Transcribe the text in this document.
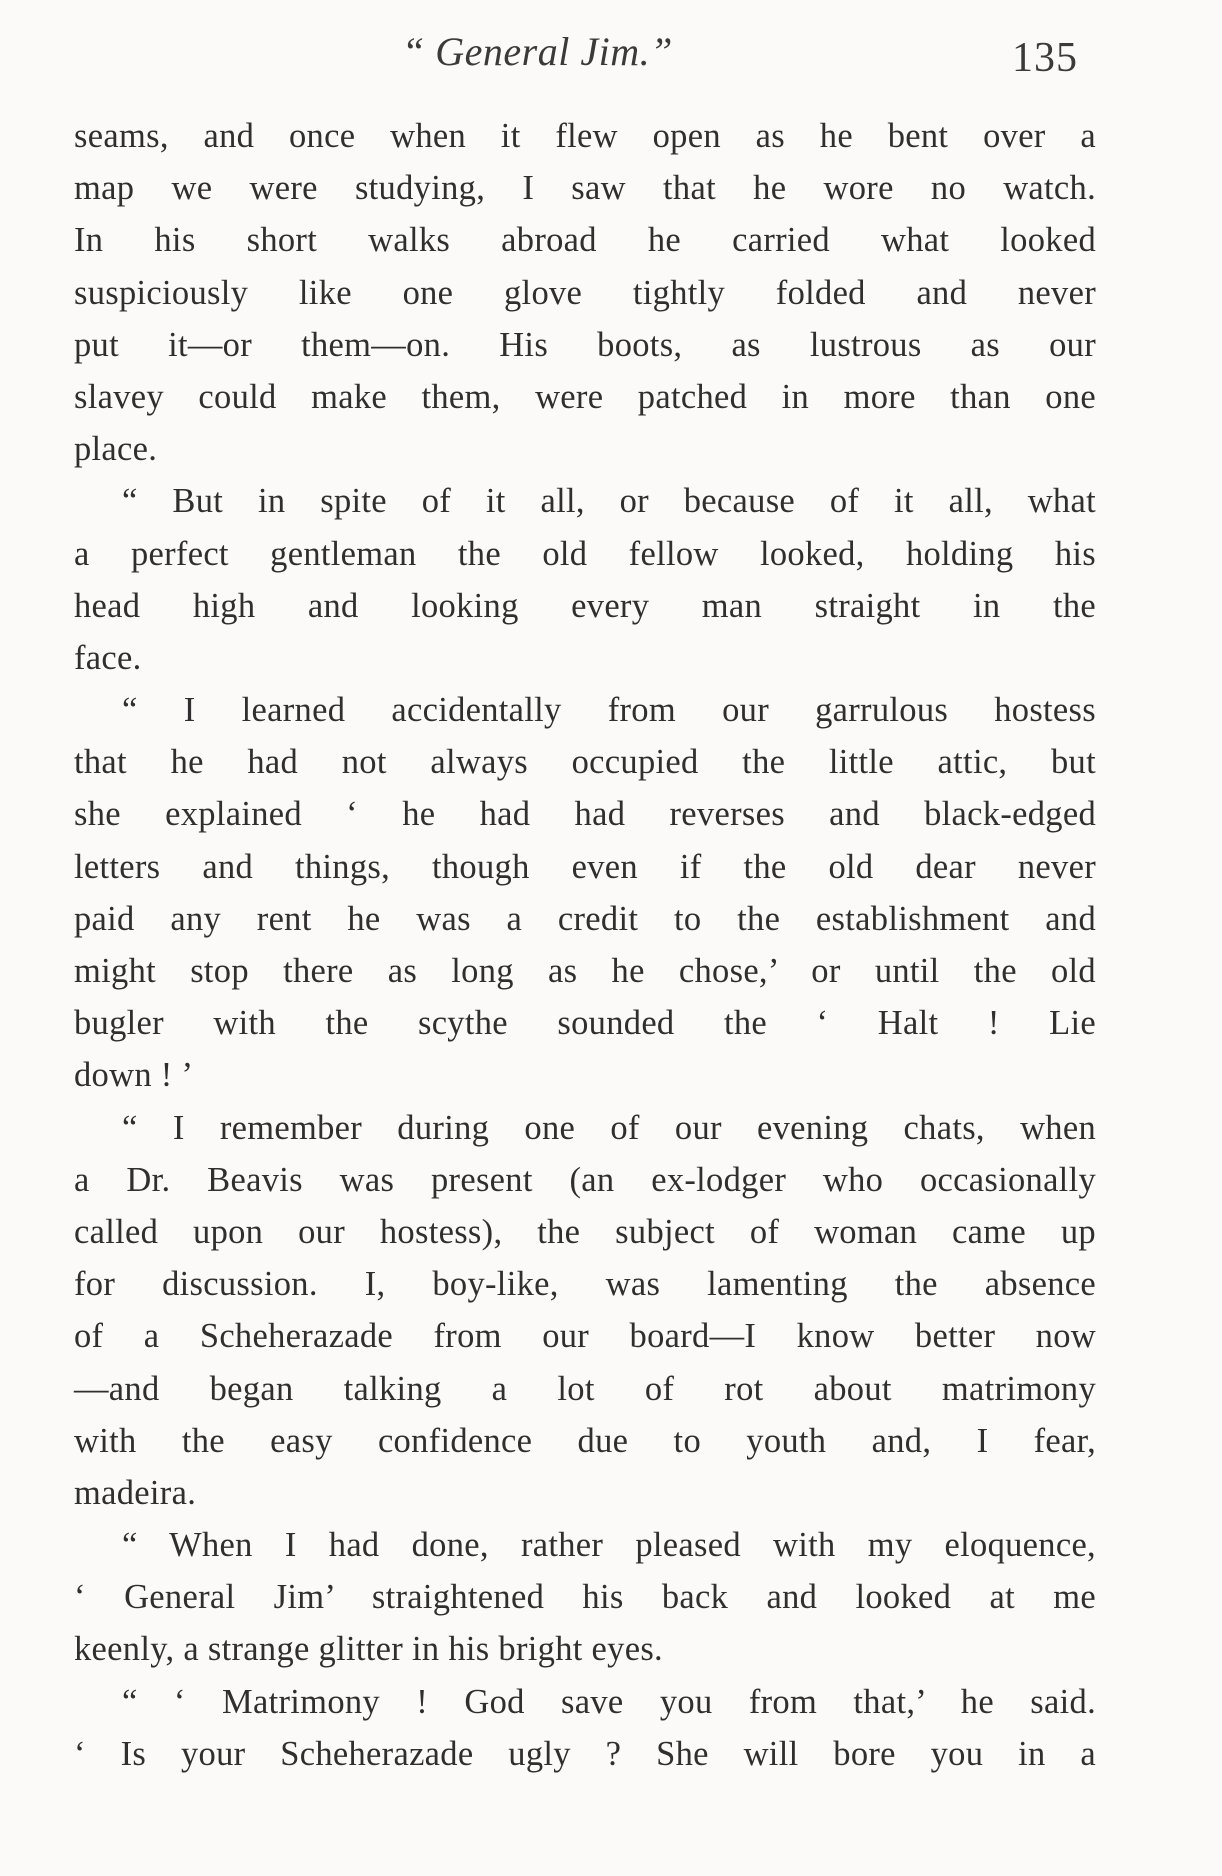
“ General Jim.”	135
seams, and once when it flew open as he bent over a
map we were studying, I saw that he wore no watch.
In his short walks abroad he carried what looked
suspiciously like one glove tightly folded and never
put it—or them—on. His boots, as lustrous as our
slavey could make them, were patched in more than one
place.
“ But in spite of it all, or because of it all, what
a perfect gentleman the old fellow looked, holding his
head high and looking every man straight in the
face.
“ I learned accidentally from our garrulous hostess
that he had not always occupied the little attic, but
she explained ‘ he had had reverses and black-edged
letters and things, though even if the old dear never
paid any rent he was a credit to the establishment and
might stop there as long as he chose,’ or until the old
bugler with the scythe sounded the ‘ Halt ! Lie
down ! ’
“ I remember during one of our evening chats, when
a Dr. Beavis was present (an ex-lodger who occasionally
called upon our hostess), the subject of woman came up
for discussion. I, boy-like, was lamenting the absence
of a Scheherazade from our board—I know better now
—and began talking a lot of rot about matrimony
with the easy confidence due to youth and, I fear,
madeira.
“ When I had done, rather pleased with my eloquence,
‘ General Jim’ straightened his back and looked at me
keenly, a strange glitter in his bright eyes.
“ ‘ Matrimony ! God save you from that,’ he said.
‘ Is your Scheherazade ugly ? She will bore you in a
